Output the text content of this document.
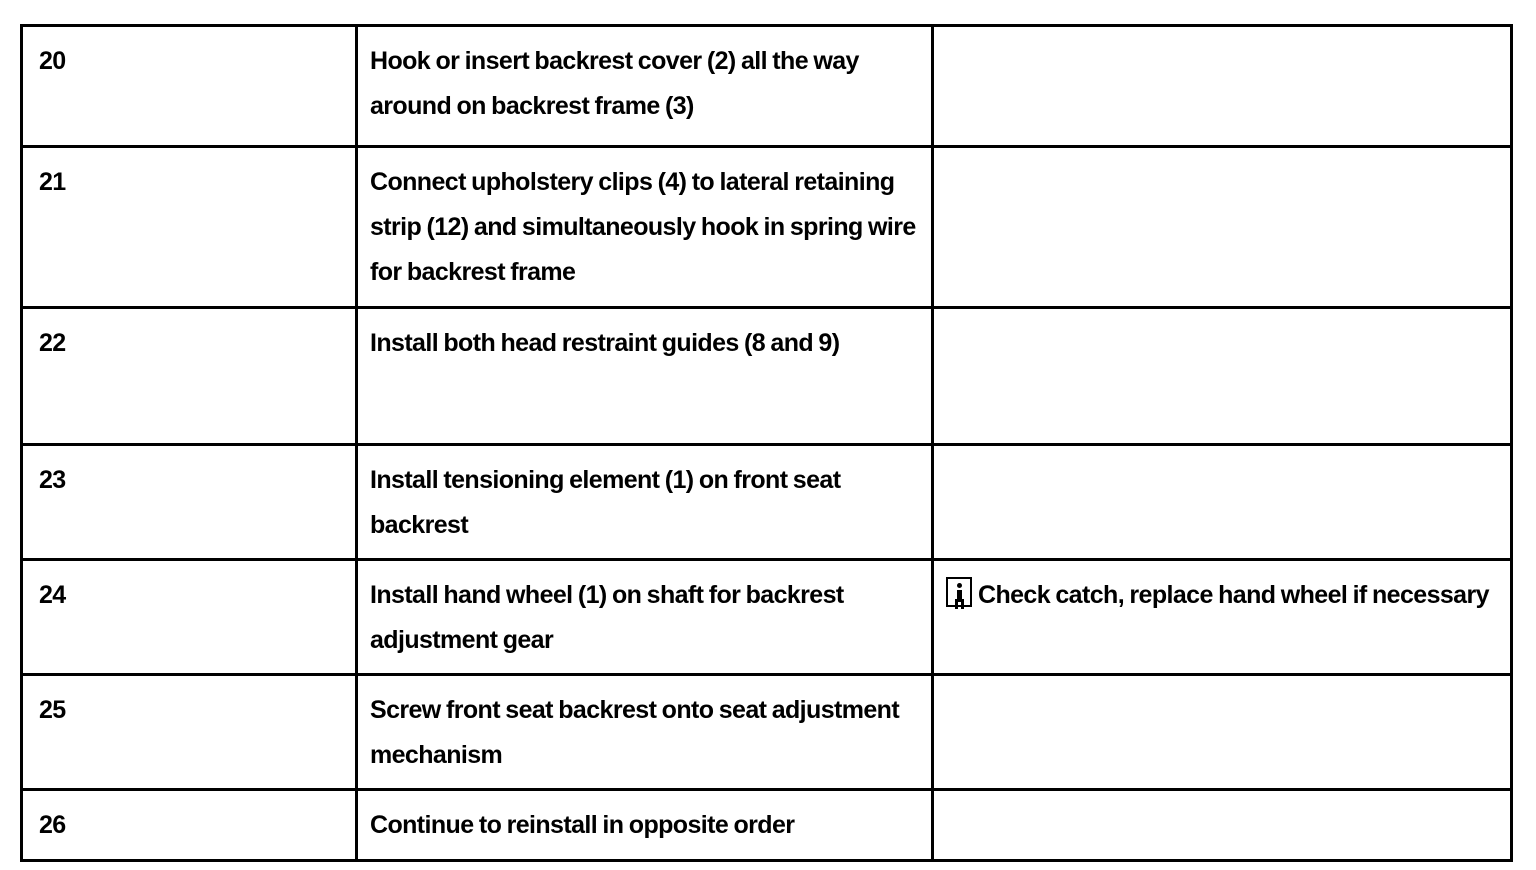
20	Hook or insert backrest cover (2) all the way around on backrest frame (3)	
21	Connect upholstery clips (4) to lateral retaining strip (12) and simultaneously hook in spring wire for backrest frame	
22	Install both head restraint guides (8 and 9)	
23	Install tensioning element (1) on front seat backrest	
24	Install hand wheel (1) on shaft for backrest adjustment gear	Check catch, replace hand wheel if necessary
25	Screw front seat backrest onto seat adjustment mechanism	
26	Continue to reinstall in opposite order	
